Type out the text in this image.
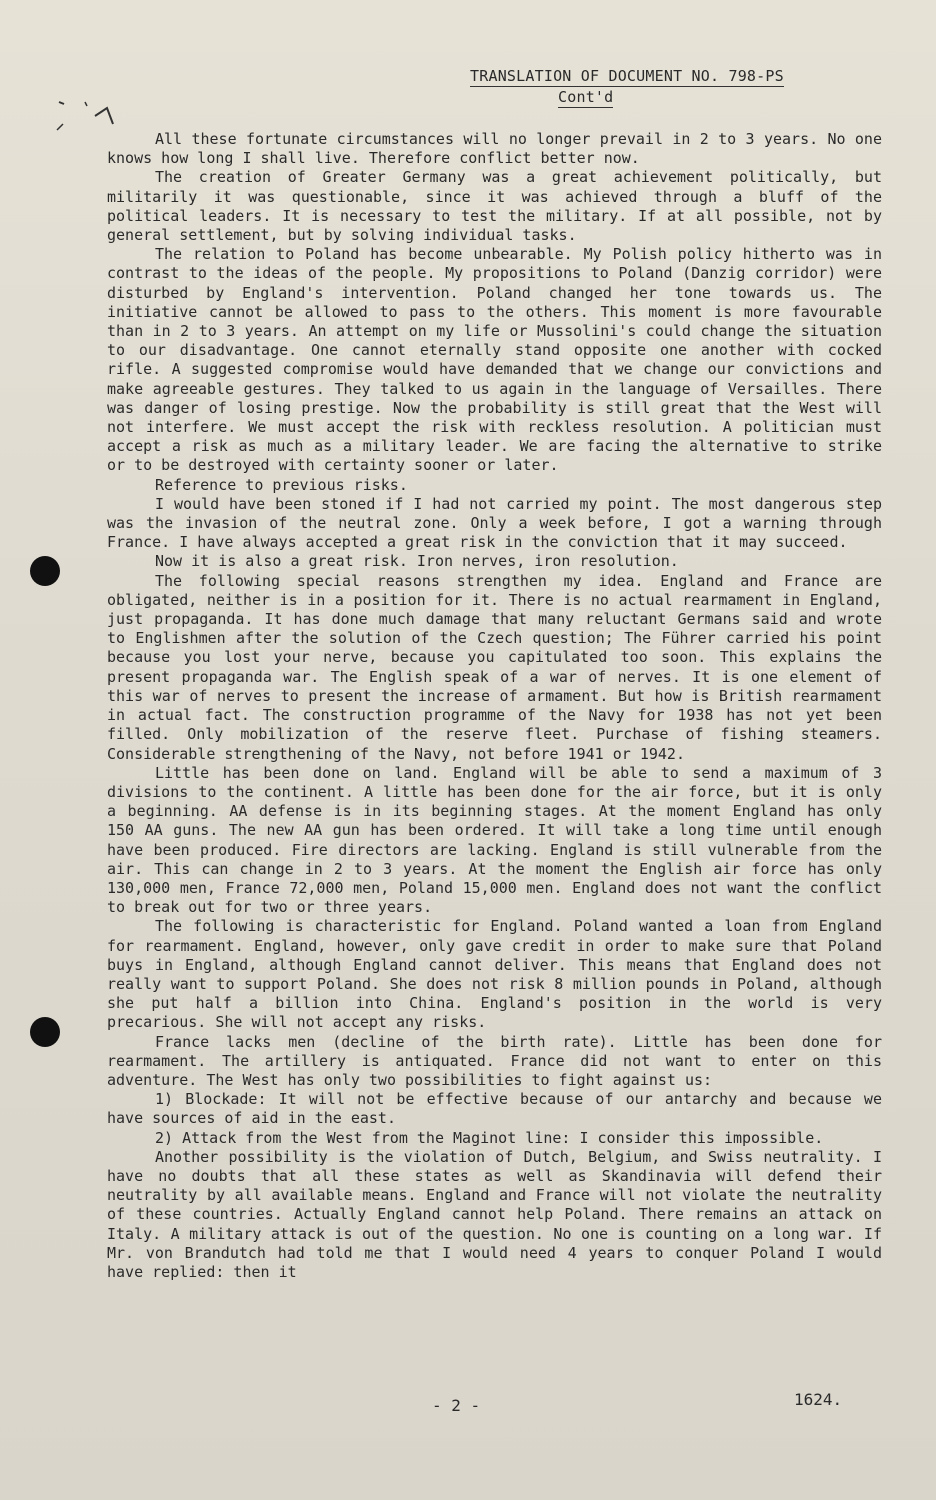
TRANSLATION OF DOCUMENT NO. 798-PS
Cont'd

All these fortunate circumstances will no longer prevail in 2 to 3 years. No one knows how long I shall live. Therefore conflict better now.

The creation of Greater Germany was a great achievement politically, but militarily it was questionable, since it was achieved through a bluff of the political leaders. It is necessary to test the military. If at all possible, not by general settlement, but by solving individual tasks.

The relation to Poland has become unbearable. My Polish policy hitherto was in contrast to the ideas of the people. My propositions to Poland (Danzig corridor) were disturbed by England's intervention. Poland changed her tone towards us. The initiative cannot be allowed to pass to the others. This moment is more favourable than in 2 to 3 years. An attempt on my life or Mussolini's could change the situation to our disadvantage. One cannot eternally stand opposite one another with cocked rifle. A suggested compromise would have demanded that we change our convictions and make agreeable gestures. They talked to us again in the language of Versailles. There was danger of losing prestige. Now the probability is still great that the West will not interfere. We must accept the risk with reckless resolution. A politician must accept a risk as much as a military leader. We are facing the alternative to strike or to be destroyed with certainty sooner or later.

Reference to previous risks.

I would have been stoned if I had not carried my point. The most dangerous step was the invasion of the neutral zone. Only a week before, I got a warning through France. I have always accepted a great risk in the conviction that it may succeed.

Now it is also a great risk. Iron nerves, iron resolution.

The following special reasons strengthen my idea. England and France are obligated, neither is in a position for it. There is no actual rearmament in England, just propaganda. It has done much damage that many reluctant Germans said and wrote to Englishmen after the solution of the Czech question; The Führer carried his point because you lost your nerve, because you capitulated too soon. This explains the present propaganda war. The English speak of a war of nerves. It is one element of this war of nerves to present the increase of armament. But how is British rearmament in actual fact. The construction programme of the Navy for 1938 has not yet been filled. Only mobilization of the reserve fleet. Purchase of fishing steamers. Considerable strengthening of the Navy, not before 1941 or 1942.

Little has been done on land. England will be able to send a maximum of 3 divisions to the continent. A little has been done for the air force, but it is only a beginning. AA defense is in its beginning stages. At the moment England has only 150 AA guns. The new AA gun has been ordered. It will take a long time until enough have been produced. Fire directors are lacking. England is still vulnerable from the air. This can change in 2 to 3 years. At the moment the English air force has only 130,000 men, France 72,000 men, Poland 15,000 men. England does not want the conflict to break out for two or three years.

The following is characteristic for England. Poland wanted a loan from England for rearmament. England, however, only gave credit in order to make sure that Poland buys in England, although England cannot deliver. This means that England does not really want to support Poland. She does not risk 8 million pounds in Poland, although she put half a billion into China. England's position in the world is very precarious. She will not accept any risks.

France lacks men (decline of the birth rate). Little has been done for rearmament. The artillery is antiquated. France did not want to enter on this adventure. The West has only two possibilities to fight against us:

1) Blockade: It will not be effective because of our antarchy and because we have sources of aid in the east.

2) Attack from the West from the Maginot line: I consider this impossible.

Another possibility is the violation of Dutch, Belgium, and Swiss neutrality. I have no doubts that all these states as well as Skandinavia will defend their neutrality by all available means. England and France will not violate the neutrality of these countries. Actually England cannot help Poland. There remains an attack on Italy. A military attack is out of the question. No one is counting on a long war. If Mr. von Brandutch had told me that I would need 4 years to conquer Poland I would have replied: then it

- 2 -	1624.
